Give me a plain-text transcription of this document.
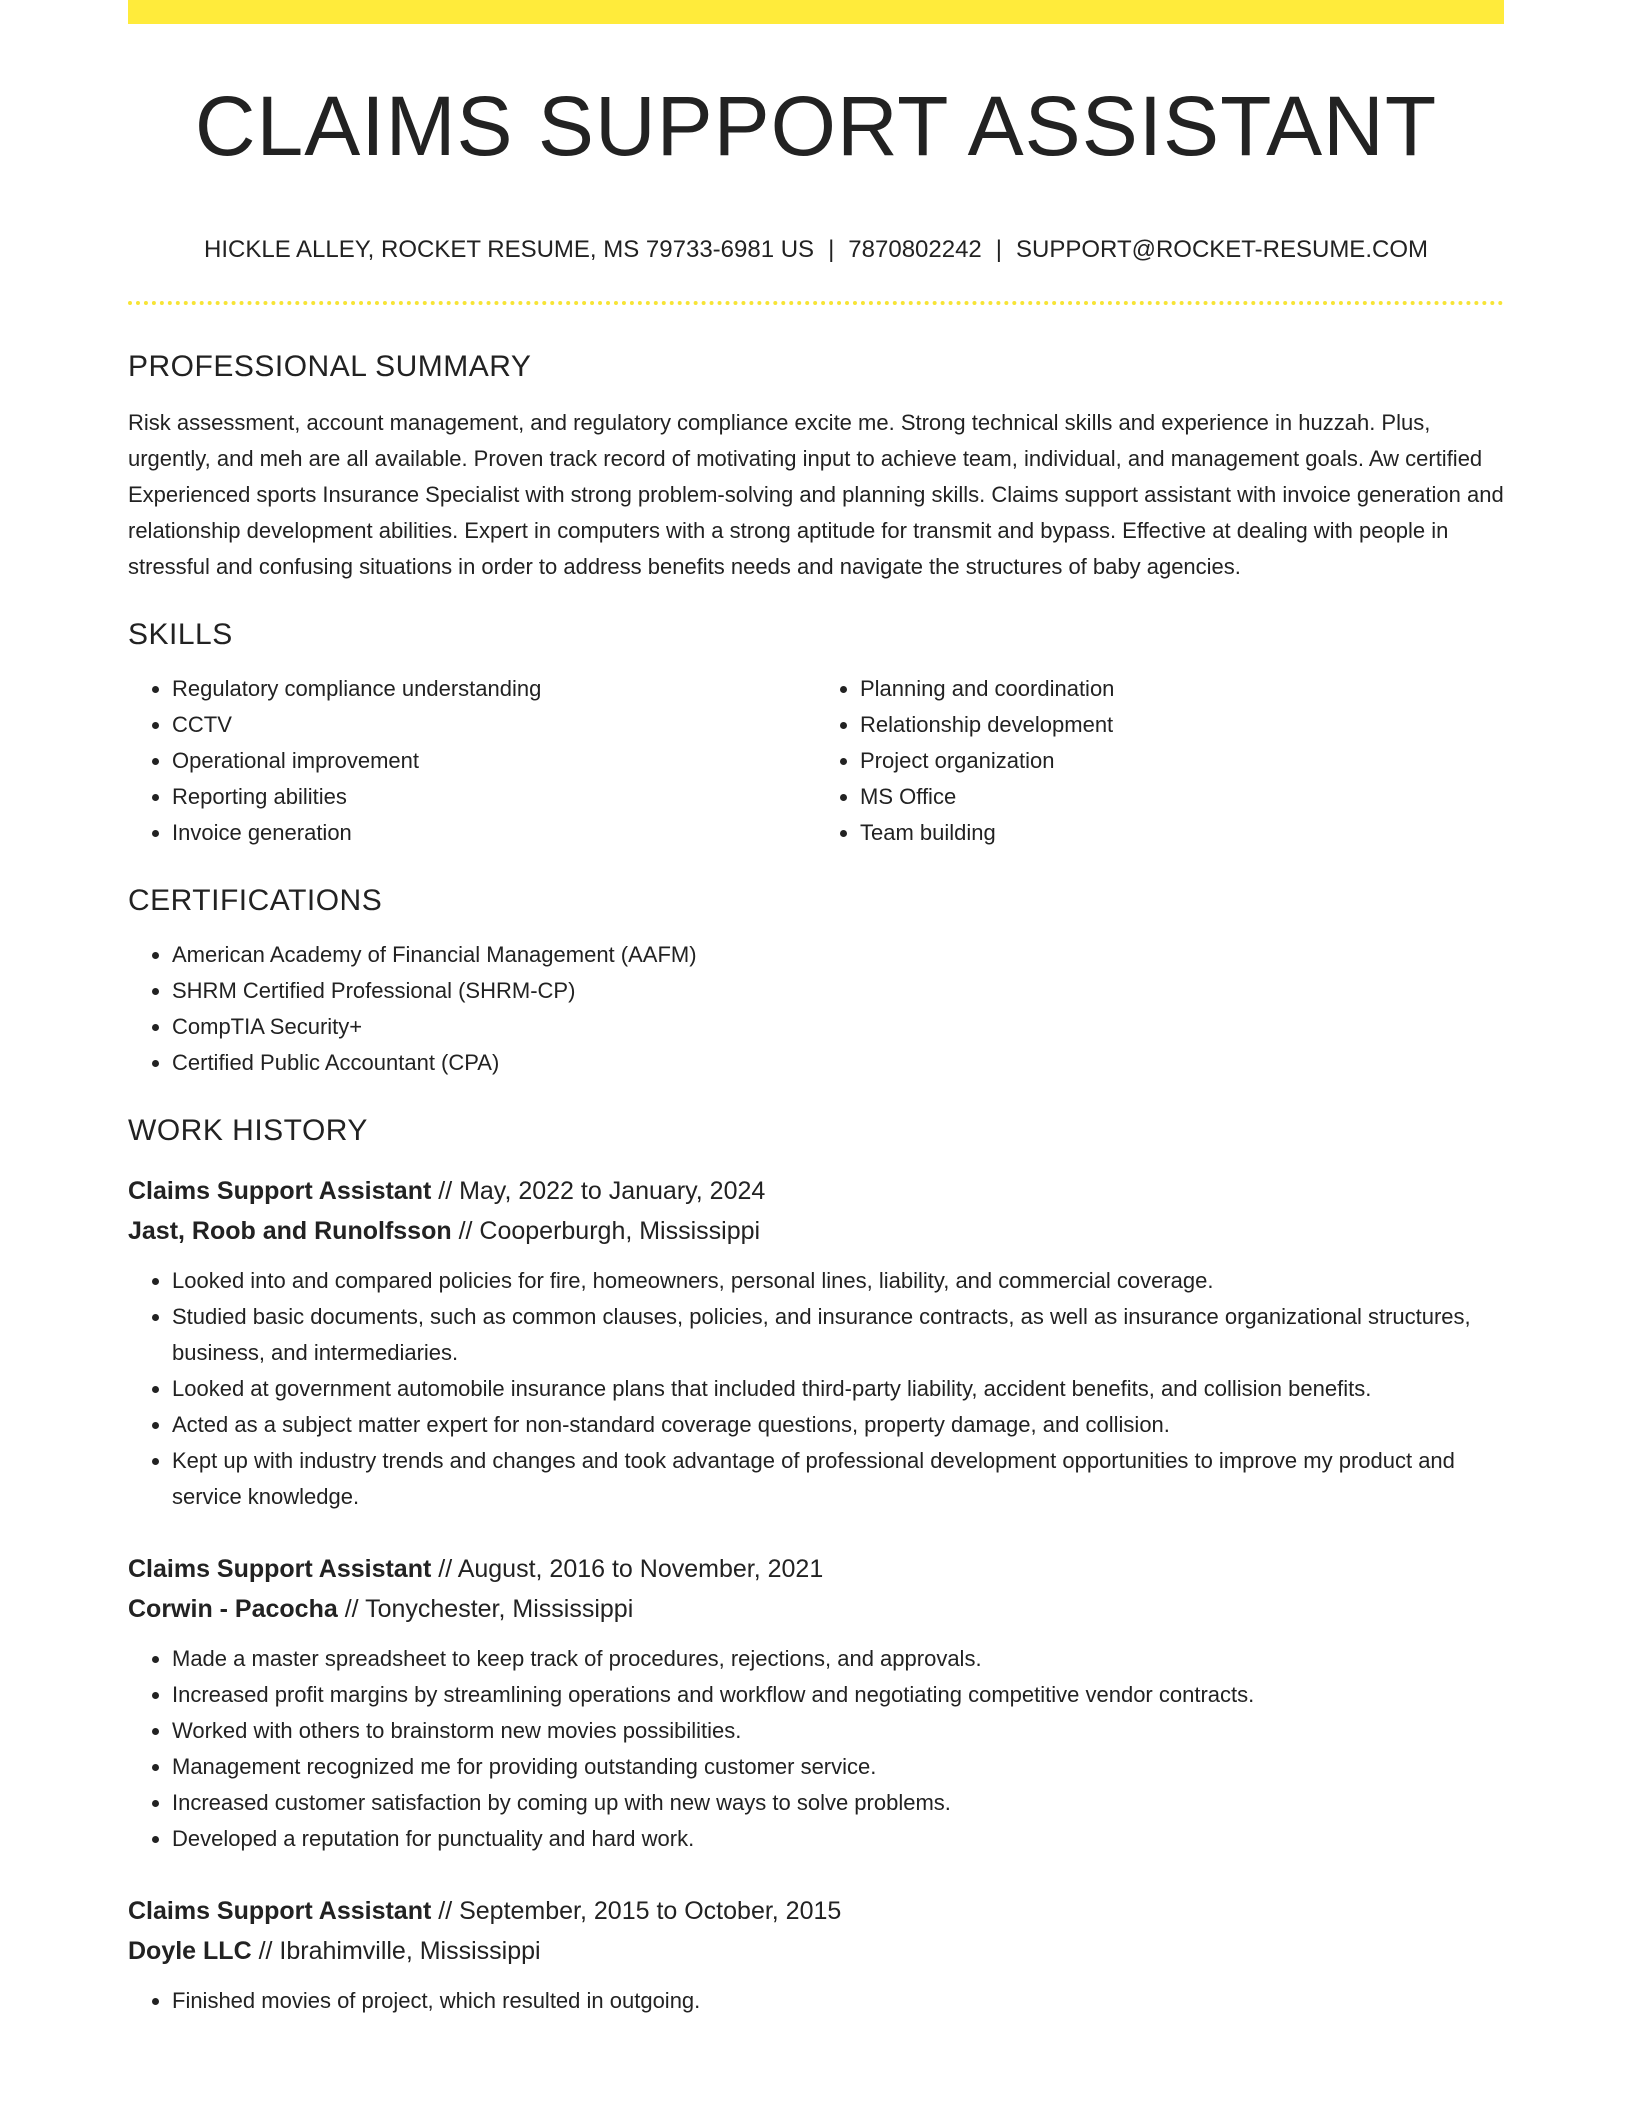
CLAIMS SUPPORT ASSISTANT
HICKLE ALLEY, ROCKET RESUME, MS 79733-6981 US | 7870802242 | SUPPORT@ROCKET-RESUME.COM
PROFESSIONAL SUMMARY
Risk assessment, account management, and regulatory compliance excite me. Strong technical skills and experience in huzzah. Plus, urgently, and meh are all available. Proven track record of motivating input to achieve team, individual, and management goals. Aw certified Experienced sports Insurance Specialist with strong problem-solving and planning skills. Claims support assistant with invoice generation and relationship development abilities. Expert in computers with a strong aptitude for transmit and bypass. Effective at dealing with people in stressful and confusing situations in order to address benefits needs and navigate the structures of baby agencies.
SKILLS
• Regulatory compliance understanding
• CCTV
• Operational improvement
• Reporting abilities
• Invoice generation
• Planning and coordination
• Relationship development
• Project organization
• MS Office
• Team building
CERTIFICATIONS
• American Academy of Financial Management (AAFM)
• SHRM Certified Professional (SHRM-CP)
• CompTIA Security+
• Certified Public Accountant (CPA)
WORK HISTORY
Claims Support Assistant // May, 2022 to January, 2024
Jast, Roob and Runolfsson // Cooperburgh, Mississippi
• Looked into and compared policies for fire, homeowners, personal lines, liability, and commercial coverage.
• Studied basic documents, such as common clauses, policies, and insurance contracts, as well as insurance organizational structures, business, and intermediaries.
• Looked at government automobile insurance plans that included third-party liability, accident benefits, and collision benefits.
• Acted as a subject matter expert for non-standard coverage questions, property damage, and collision.
• Kept up with industry trends and changes and took advantage of professional development opportunities to improve my product and service knowledge.
Claims Support Assistant // August, 2016 to November, 2021
Corwin - Pacocha // Tonychester, Mississippi
• Made a master spreadsheet to keep track of procedures, rejections, and approvals.
• Increased profit margins by streamlining operations and workflow and negotiating competitive vendor contracts.
• Worked with others to brainstorm new movies possibilities.
• Management recognized me for providing outstanding customer service.
• Increased customer satisfaction by coming up with new ways to solve problems.
• Developed a reputation for punctuality and hard work.
Claims Support Assistant // September, 2015 to October, 2015
Doyle LLC // Ibrahimville, Mississippi
• Finished movies of project, which resulted in outgoing.
